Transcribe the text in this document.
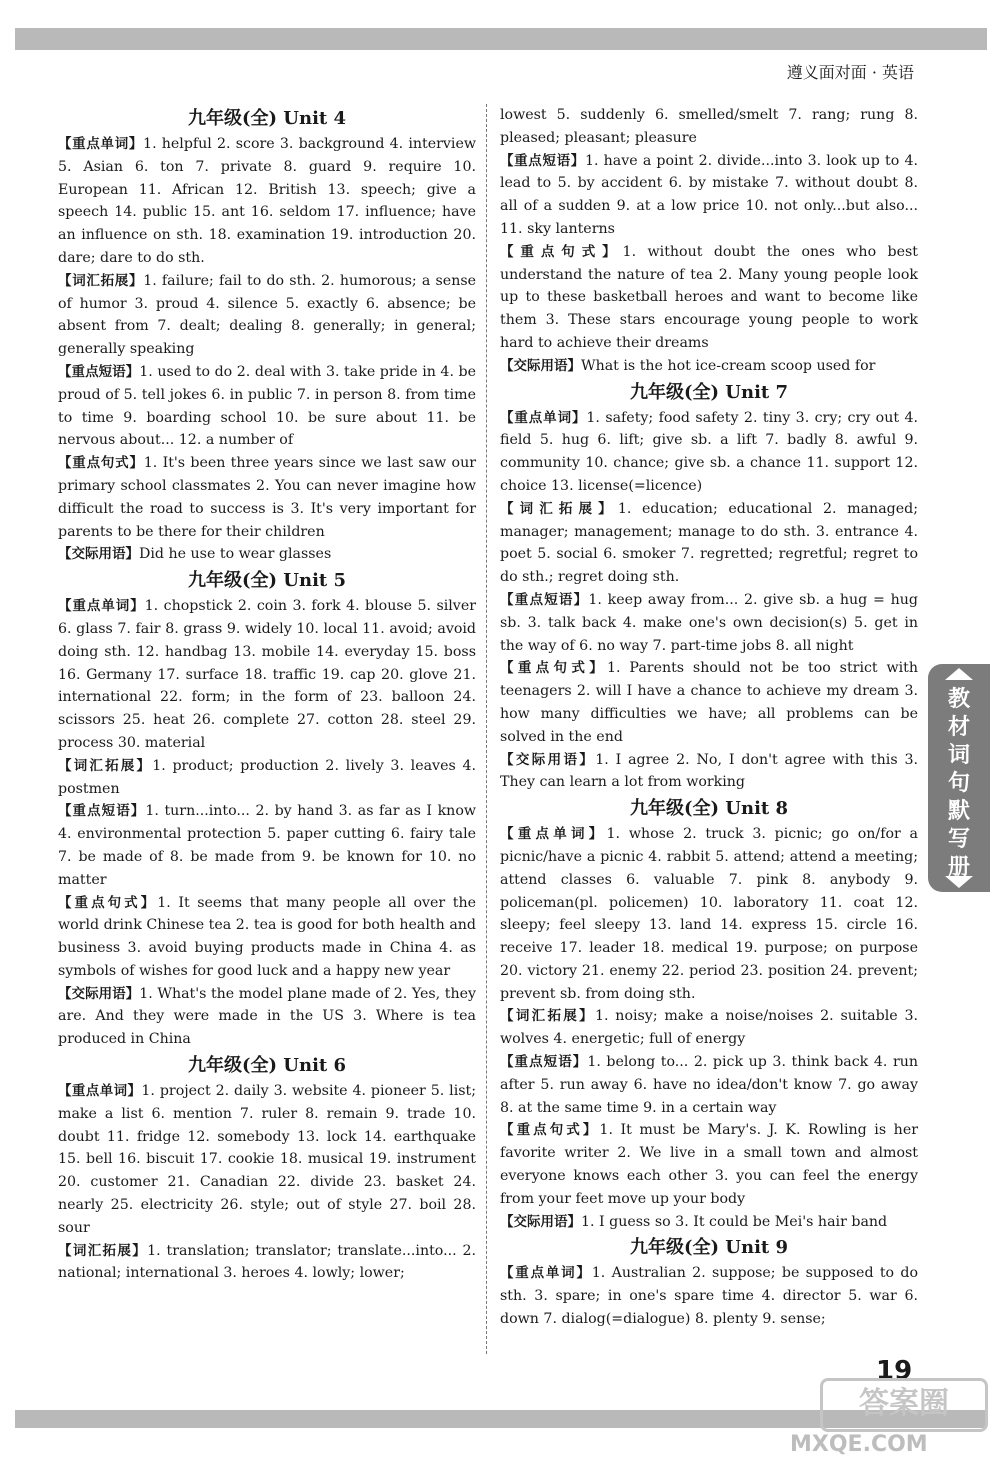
遵义面对面 · 英语
九年级(全) Unit 4

【重点单词】1. helpful 2. score 3. background 4. interview 5. Asian 6. ton 7. private 8. guard 9. require 10. European 11. African 12. British 13. speech; give a speech 14. public 15. ant 16. seldom 17. influence; have an influence on sth. 18. examination 19. introduction 20. dare; dare to do sth.

【词汇拓展】1. failure; fail to do sth. 2. humorous; a sense of humor 3. proud 4. silence 5. exactly 6. absence; be absent from 7. dealt; dealing 8. generally; in general; generally speaking

【重点短语】1. used to do 2. deal with 3. take pride in 4. be proud of 5. tell jokes 6. in public 7. in person 8. from time to time 9. boarding school 10. be sure about 11. be nervous about... 12. a number of

【重点句式】1. It's been three years since we last saw our primary school classmates 2. You can never imagine how difficult the road to success is 3. It's very important for parents to be there for their children

【交际用语】Did he use to wear glasses

九年级(全) Unit 5

【重点单词】1. chopstick 2. coin 3. fork 4. blouse 5. silver 6. glass 7. fair 8. grass 9. widely 10. local 11. avoid; avoid doing sth. 12. handbag 13. mobile 14. everyday 15. boss 16. Germany 17. surface 18. traffic 19. cap 20. glove 21. international 22. form; in the form of 23. balloon 24. scissors 25. heat 26. complete 27. cotton 28. steel 29. process 30. material

【词汇拓展】1. product; production 2. lively 3. leaves 4. postmen

【重点短语】1. turn...into... 2. by hand 3. as far as I know 4. environmental protection 5. paper cutting 6. fairy tale 7. be made of 8. be made from 9. be known for 10. no matter

【重点句式】1. It seems that many people all over the world drink Chinese tea 2. tea is good for both health and business 3. avoid buying products made in China 4. as symbols of wishes for good luck and a happy new year

【交际用语】1. What's the model plane made of 2. Yes, they are. And they were made in the US 3. Where is tea produced in China

九年级(全) Unit 6

【重点单词】1. project 2. daily 3. website 4. pioneer 5. list; make a list 6. mention 7. ruler 8. remain 9. trade 10. doubt 11. fridge 12. somebody 13. lock 14. earthquake 15. bell 16. biscuit 17. cookie 18. musical 19. instrument 20. customer 21. Canadian 22. divide 23. basket 24. nearly 25. electricity 26. style; out of style 27. boil 28. sour

【词汇拓展】1. translation; translator; translate...into... 2. national; international 3. heroes 4. lowly; lower;

lowest 5. suddenly 6. smelled/smelt 7. rang; rung 8. pleased; pleasant; pleasure

【重点短语】1. have a point 2. divide...into 3. look up to 4. lead to 5. by accident 6. by mistake 7. without doubt 8. all of a sudden 9. at a low price 10. not only...but also... 11. sky lanterns

【重点句式】1. without doubt the ones who best understand the nature of tea 2. Many young people look up to these basketball heroes and want to become like them 3. These stars encourage young people to work hard to achieve their dreams

【交际用语】What is the hot ice-cream scoop used for

九年级(全) Unit 7

【重点单词】1. safety; food safety 2. tiny 3. cry; cry out 4. field 5. hug 6. lift; give sb. a lift 7. badly 8. awful 9. community 10. chance; give sb. a chance 11. support 12. choice 13. license(=licence)

【词汇拓展】1. education; educational 2. managed; manager; management; manage to do sth. 3. entrance 4. poet 5. social 6. smoker 7. regretted; regretful; regret to do sth.; regret doing sth.

【重点短语】1. keep away from... 2. give sb. a hug = hug sb. 3. talk back 4. make one's own decision(s) 5. get in the way of 6. no way 7. part-time jobs 8. all night

【重点句式】1. Parents should not be too strict with teenagers 2. will I have a chance to achieve my dream 3. how many difficulties we have; all problems can be solved in the end

【交际用语】1. I agree 2. No, I don't agree with this 3. They can learn a lot from working

九年级(全) Unit 8

【重点单词】1. whose 2. truck 3. picnic; go on/for a picnic/have a picnic 4. rabbit 5. attend; attend a meeting; attend classes 6. valuable 7. pink 8. anybody 9. policeman(pl. policemen) 10. laboratory 11. coat 12. sleepy; feel sleepy 13. land 14. express 15. circle 16. receive 17. leader 18. medical 19. purpose; on purpose 20. victory 21. enemy 22. period 23. position 24. prevent; prevent sb. from doing sth.

【词汇拓展】1. noisy; make a noise/noises 2. suitable 3. wolves 4. energetic; full of energy

【重点短语】1. belong to... 2. pick up 3. think back 4. run after 5. run away 6. have no idea/don't know 7. go away 8. at the same time 9. in a certain way

【重点句式】1. It must be Mary's. J. K. Rowling is her favorite writer 2. We live in a small town and almost everyone knows each other 3. you can feel the energy from your feet move up your body

【交际用语】1. I guess so 3. It could be Mei's hair band

九年级(全) Unit 9

【重点单词】1. Australian 2. suppose; be supposed to do sth. 3. spare; in one's spare time 4. director 5. war 6. down 7. dialog(=dialogue) 8. plenty 9. sense;

教
材
词
句
默
写
册
19
答案圈
MXQE.COM
